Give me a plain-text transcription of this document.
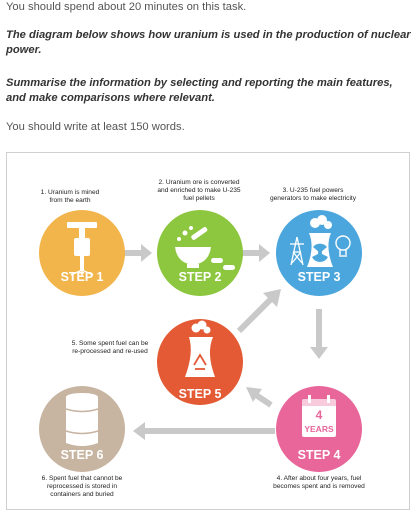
You should spend about 20 minutes on this task.
The diagram below shows how uranium is used in the production of nuclear power.
Summarise the information by selecting and reporting the main features, and make comparisons where relevant.
You should write at least 150 words.
1. Uranium is mined from the earth
2. Uranium ore is converted and enriched to make U-235 fuel pellets
3. U-235 fuel powers generators to make electricity
5. Some spent fuel can be re-processed and re-used
6. Spent fuel that cannot be reprocessed is stored in containers and buried
4. After about four years, fuel becomes spent and is removed
STEP 1	STEP 2	STEP 3
STEP 5
STEP 6
4
YEARS
STEP 4
